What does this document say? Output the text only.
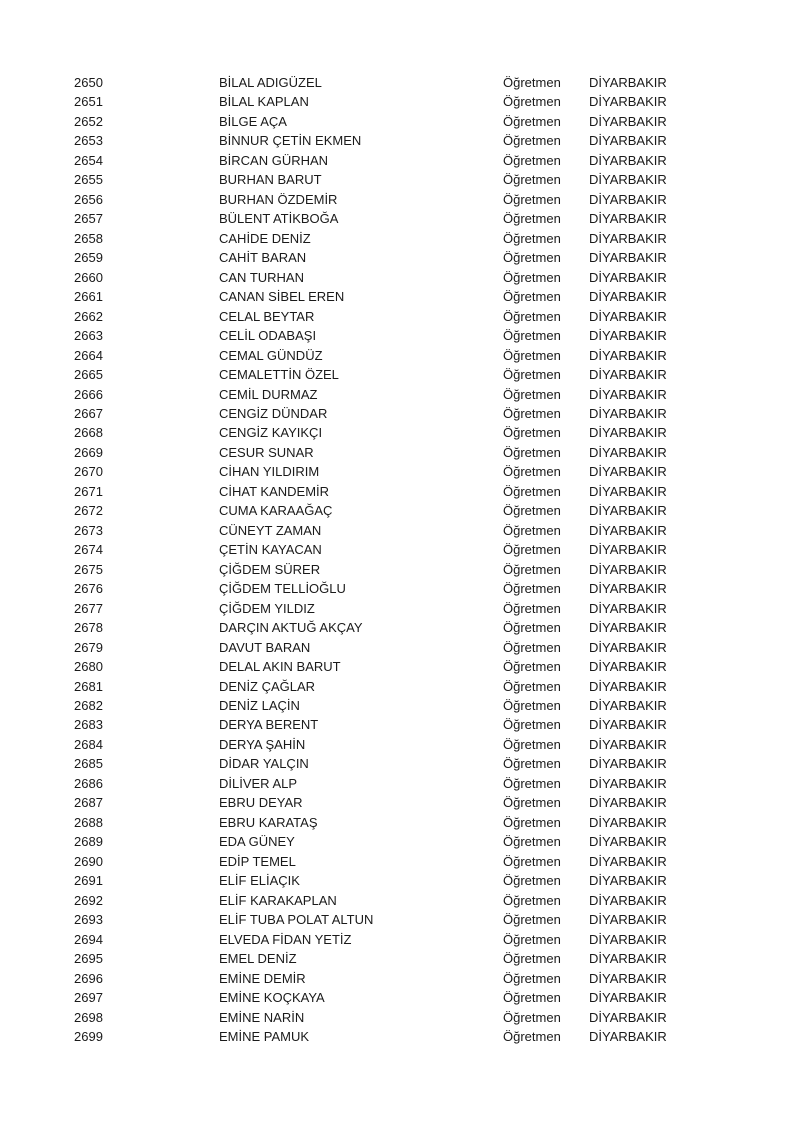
2650	BİLAL ADIGÜZEL	Öğretmen DİYARBAKIR
2651	BİLAL KAPLAN	Öğretmen DİYARBAKIR
2652	BİLGE AÇA	Öğretmen DİYARBAKIR
2653	BİNNUR ÇETİN EKMEN	Öğretmen DİYARBAKIR
2654	BİRCAN GÜRHAN	Öğretmen DİYARBAKIR
2655	BURHAN BARUT	Öğretmen DİYARBAKIR
2656	BURHAN ÖZDEMİR	Öğretmen DİYARBAKIR
2657	BÜLENT ATİKBOĞA	Öğretmen DİYARBAKIR
2658	CAHİDE DENİZ	Öğretmen DİYARBAKIR
2659	CAHİT BARAN	Öğretmen DİYARBAKIR
2660	CAN TURHAN	Öğretmen DİYARBAKIR
2661	CANAN SİBEL EREN	Öğretmen DİYARBAKIR
2662	CELAL BEYTAR	Öğretmen DİYARBAKIR
2663	CELİL ODABAŞI	Öğretmen DİYARBAKIR
2664	CEMAL GÜNDÜZ	Öğretmen DİYARBAKIR
2665	CEMALETTİN ÖZEL	Öğretmen DİYARBAKIR
2666	CEMİL DURMAZ	Öğretmen DİYARBAKIR
2667	CENGİZ DÜNDAR	Öğretmen DİYARBAKIR
2668	CENGİZ KAYIKÇI	Öğretmen DİYARBAKIR
2669	CESUR SUNAR	Öğretmen DİYARBAKIR
2670	CİHAN YILDIRIM	Öğretmen DİYARBAKIR
2671	CİHAT KANDEMİR	Öğretmen DİYARBAKIR
2672	CUMA KARAAĞAÇ	Öğretmen DİYARBAKIR
2673	CÜNEYT ZAMAN	Öğretmen DİYARBAKIR
2674	ÇETİN KAYACAN	Öğretmen DİYARBAKIR
2675	ÇİĞDEM SÜRER	Öğretmen DİYARBAKIR
2676	ÇİĞDEM TELLİOĞLU	Öğretmen DİYARBAKIR
2677	ÇİĞDEM YILDIZ	Öğretmen DİYARBAKIR
2678	DARÇIN AKTUĞ AKÇAY	Öğretmen DİYARBAKIR
2679	DAVUT BARAN	Öğretmen DİYARBAKIR
2680	DELAL AKIN BARUT	Öğretmen DİYARBAKIR
2681	DENİZ ÇAĞLAR	Öğretmen DİYARBAKIR
2682	DENİZ LAÇİN	Öğretmen DİYARBAKIR
2683	DERYA BERENT	Öğretmen DİYARBAKIR
2684	DERYA ŞAHİN	Öğretmen DİYARBAKIR
2685	DİDAR YALÇIN	Öğretmen DİYARBAKIR
2686	DİLİVER ALP	Öğretmen DİYARBAKIR
2687	EBRU DEYAR	Öğretmen DİYARBAKIR
2688	EBRU KARATAŞ	Öğretmen DİYARBAKIR
2689	EDA GÜNEY	Öğretmen DİYARBAKIR
2690	EDİP TEMEL	Öğretmen DİYARBAKIR
2691	ELİF ELİAÇIK	Öğretmen DİYARBAKIR
2692	ELİF KARAKAPLAN	Öğretmen DİYARBAKIR
2693	ELİF TUBA POLAT ALTUN	Öğretmen DİYARBAKIR
2694	ELVEDA FİDAN YETİZ	Öğretmen DİYARBAKIR
2695	EMEL DENİZ	Öğretmen DİYARBAKIR
2696	EMİNE DEMİR	Öğretmen DİYARBAKIR
2697	EMİNE KOÇKAYA	Öğretmen DİYARBAKIR
2698	EMİNE NARİN	Öğretmen DİYARBAKIR
2699	EMİNE PAMUK	Öğretmen DİYARBAKIR
